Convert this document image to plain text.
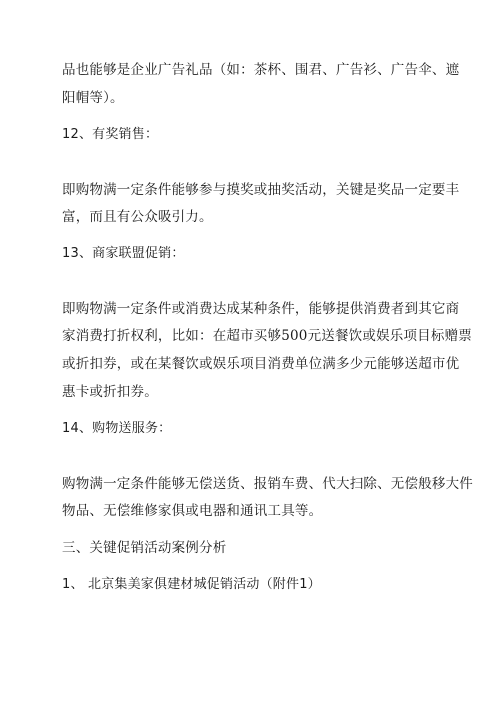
品也能够是企业广告礼品（如：茶杯、围君、广告衫、广告伞、遮
阳帽等）。
12、有奖销售：
即购物满一定条件能够参与摸奖或抽奖活动，关键是奖品一定要丰
富，而且有公众吸引力。
13、商家联盟促销：
即购物满一定条件或消费达成某种条件，能够提供消费者到其它商
家消费打折权利，比如：在超市买够500元送餐饮或娱乐项目标赠票
或折扣券，或在某餐饮或娱乐项目消费单位满多少元能够送超市优
惠卡或折扣券。
14、购物送服务：
购物满一定条件能够无偿送货、报销车费、代大扫除、无偿般移大件
物品、无偿维修家俱或电器和通讯工具等。
三、关键促销活动案例分析
1、 北京集美家俱建材城促销活动（附件1）
